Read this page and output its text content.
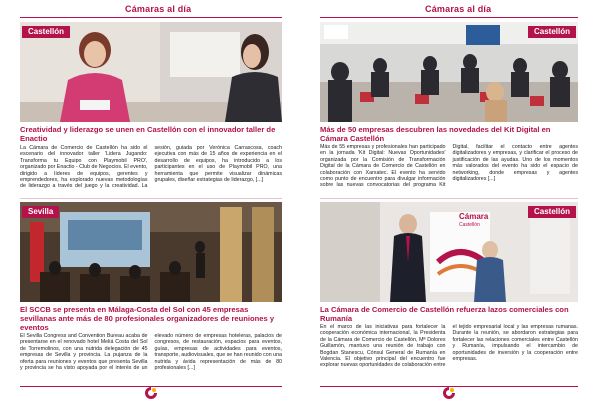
Cámaras al día
Castellón
Creatividad y liderazgo se unen en Castellón con el innovador taller de Enactio
La Cámara de Comercio de Castellón ha sido el escenario del innovador taller 'Lidera Jugando: Transforma tu Equipo con Playmobil PRO', organizado por Enactio - Club de Negocios. El evento, dirigido a líderes de equipos, gerentes y emprendedores, ha explorado nuevas metodologías de liderazgo a través del juego y la creatividad. La sesión, guiada por Verónica Carrascosa, coach ejecutiva con más de 15 años de experiencia en el desarrollo de equipos, ha introducido a los participantes en el uso de Playmobil PRO, una herramienta que permite visualizar dinámicas grupales, diseñar estrategias de liderazgo, [...]
Sevilla
El SCCB se presenta en Málaga-Costa del Sol con 45 empresas sevillanas ante más de 80 profesionales organizadores de reuniones y eventos
El Sevilla Congress and Convention Bureau acaba de presentarse en el renovado hotel Meliá Costa del Sol de Torremolinos, con una nutrida delegación de 45 empresas de Sevilla y provincia. La pujanza de la oferta para reuniones y eventos que presenta Sevilla y provincia se ha visto apoyada por el interés de un elevado número de empresas hoteleras, palacios de congresos, de restauración, espacios para eventos, guías, empresas de actividades para eventos, transporte, audiovisuales, que se han reunido con una nutrida y ávida representación de más de 80 profesionales [...]
Cámaras al día
Castellón
Más de 50 empresas descubren las novedades del Kit Digital en Cámara Castellón
Más de 55 empresas y profesionales han participado en la jornada 'Kit Digital: Nuevas Oportunidades' organizada por la Comisión de Transformación Digital de la Cámara de Comercio de Castellón en colaboración con Xarxatec. El evento ha servido como punto de encuentro para divulgar información sobre las nuevas convocatorias del programa Kit Digital, facilitar el contacto entre agentes digitalizadores y empresas, y clarificar el proceso de justificación de las ayudas. Uno de los momentos más valorados del evento ha sido el espacio de networking, donde empresas y agentes digitalizadores [...]
Castellón
Cámara
Castellón
La Cámara de Comercio de Castellón refuerza lazos comerciales con Rumanía
En el marco de las iniciativas para fortalecer la cooperación económica internacional, la Presidenta de la Cámara de Comercio de Castellón, Mª Dolores Guillamón, mantuvo una reunión de trabajo con Bogdan Stanescu, Cónsul General de Rumanía en Valencia. El objetivo principal del encuentro fue explorar nuevas oportunidades de colaboración entre el tejido empresarial local y las empresas rumanas. Durante la reunión, se abordaron estrategias para fortalecer las relaciones comerciales entre Castellón y Rumanía, impulsando el intercambio de oportunidades de inversión y la cooperación entre empresas.
